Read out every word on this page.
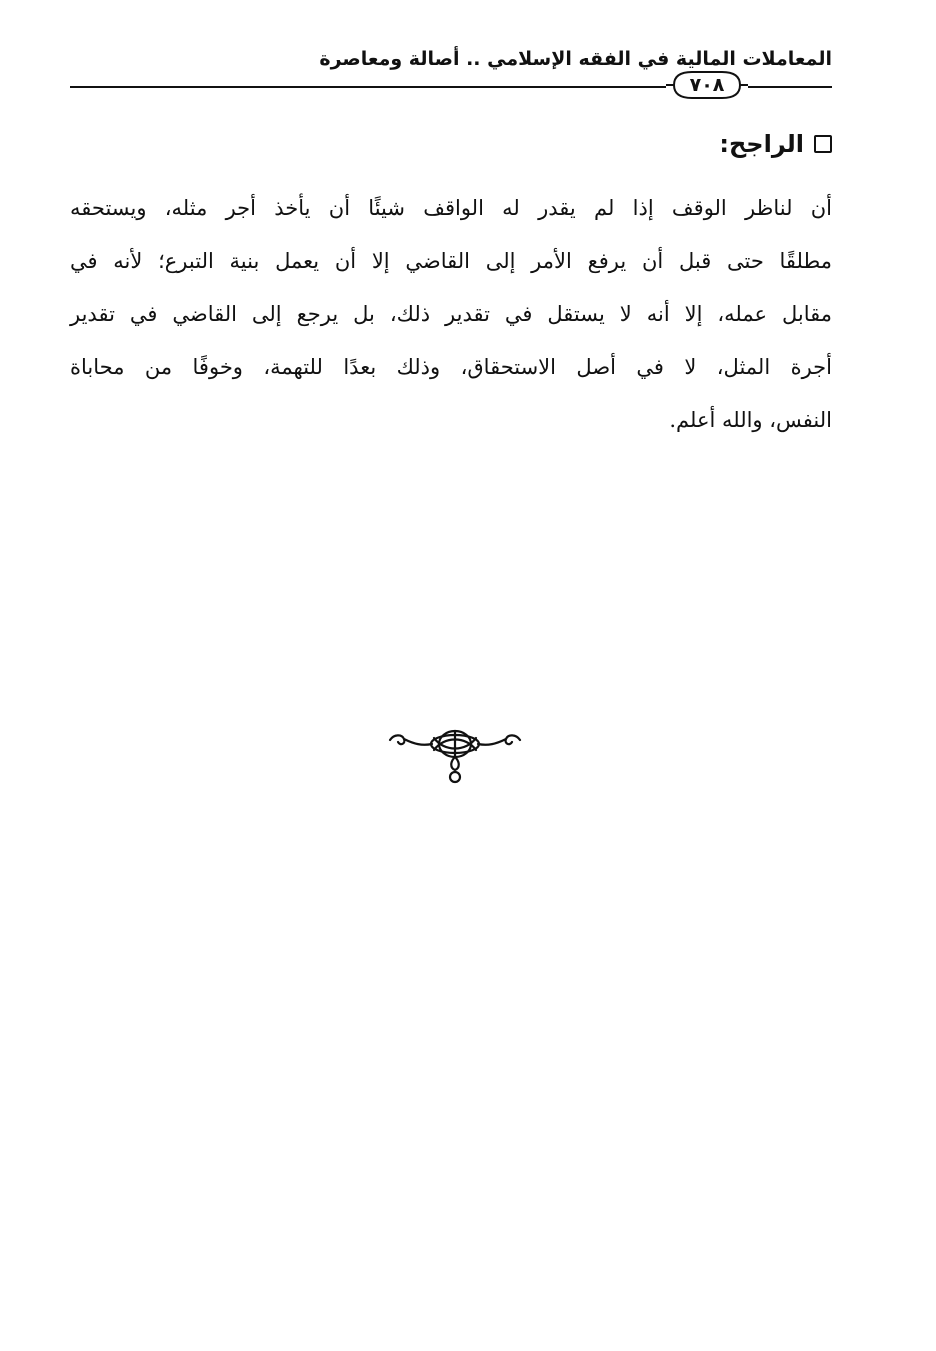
المعاملات المالية في الفقه الإسلامي .. أصالة ومعاصرة
٧٠٨
الراجح:
أن لناظر الوقف إذا لم يقدر له الواقف شيئًا أن يأخذ أجر مثله، ويستحقه
مطلقًا حتى قبل أن يرفع الأمر إلى القاضي إلا أن يعمل بنية التبرع؛ لأنه في
مقابل عمله، إلا أنه لا يستقل في تقدير ذلك، بل يرجع إلى القاضي في تقدير
أجرة المثل، لا في أصل الاستحقاق، وذلك بعدًا للتهمة، وخوفًا من محاباة
النفس، والله أعلم.
